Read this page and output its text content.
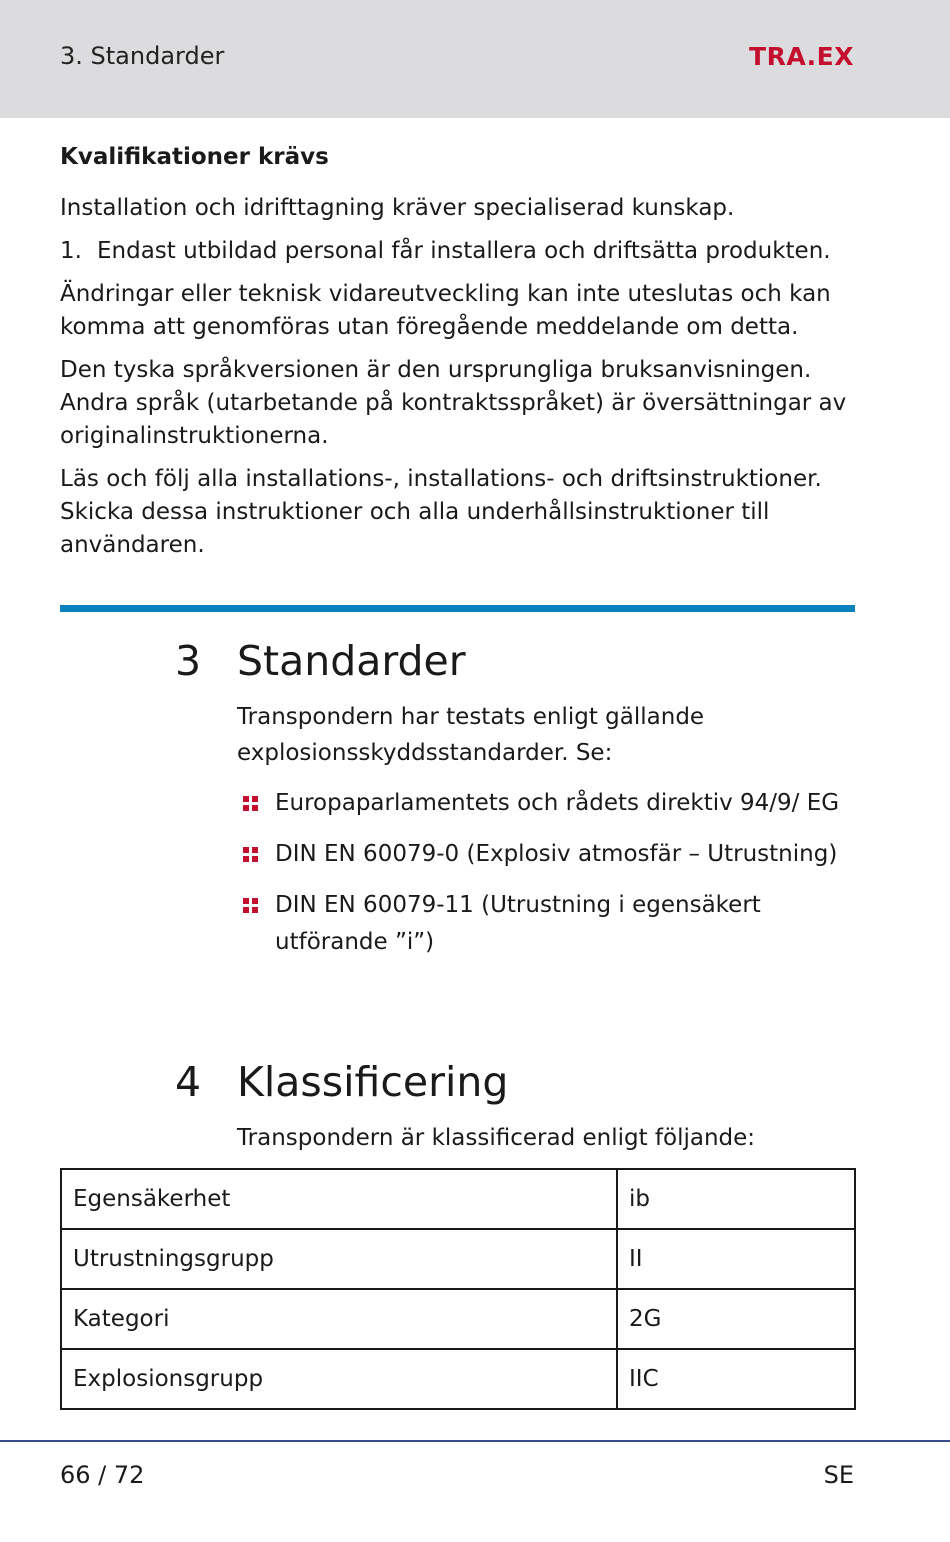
3. Standarder	TRA.EX
Kvalifikationer krävs
Installation och idrifttagning kräver specialiserad kunskap.
1. Endast utbildad personal får installera och driftsätta produkten.
Ändringar eller teknisk vidareutveckling kan inte uteslutas och kan komma att genomföras utan föregående meddelande om detta.
Den tyska språkversionen är den ursprungliga bruksanvisningen. Andra språk (utarbetande på kontraktsspråket) är översättningar av originalinstruktionerna.
Läs och följ alla installations-, installations- och driftsinstruktioner. Skicka dessa instruktioner och alla underhållsinstruktioner till användaren.
3 Standarder
Transpondern har testats enligt gällande explosionsskyddsstandarder. Se:
Europaparlamentets och rådets direktiv 94/9/ EG
DIN EN 60079-0 (Explosiv atmosfär – Utrustning)
DIN EN 60079-11 (Utrustning i egensäkert utförande ”i”)
4 Klassificering
Transpondern är klassificerad enligt följande:
Egensäkerhet	ib
Utrustningsgrupp	II
Kategori	2G
Explosionsgrupp	IIC
66 / 72	SE
